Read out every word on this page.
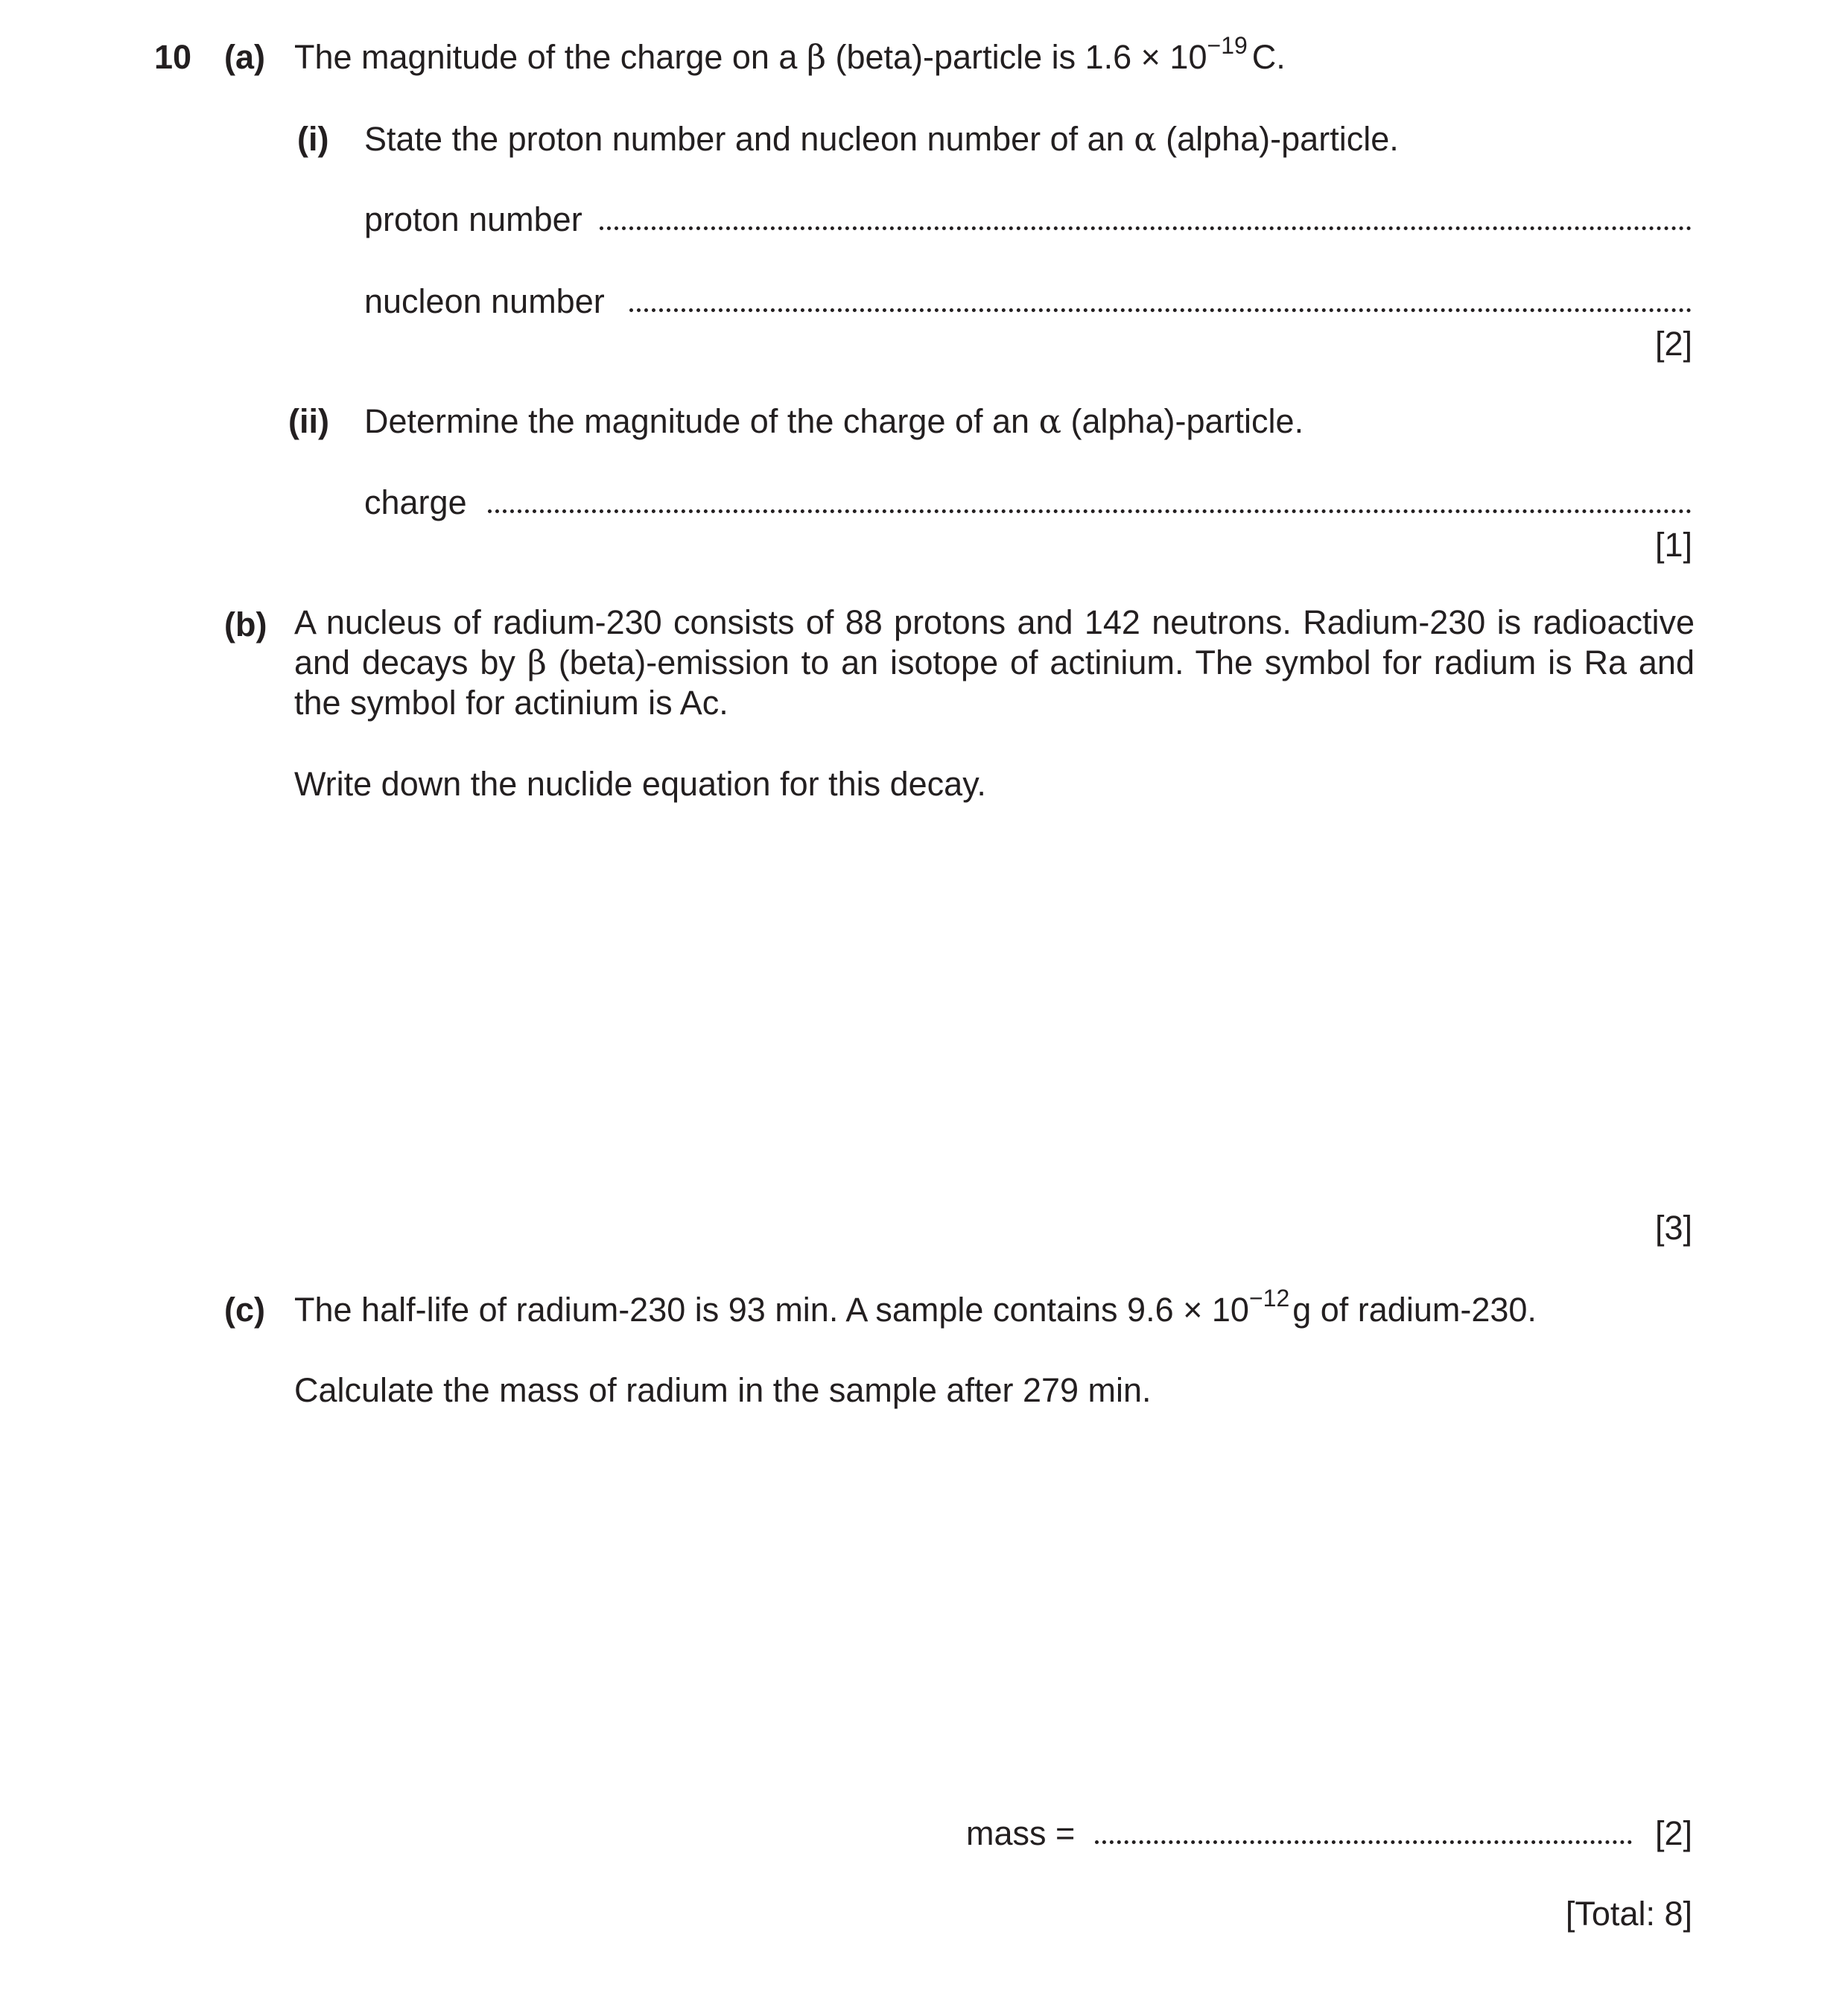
10 (a) The magnitude of the charge on a β (beta)-particle is $1.6 \times 10^{-19}$ C.
(i) State the proton number and nucleon number of an α (alpha)-particle.
proton number
nucleon number
[2]
(ii) Determine the magnitude of the charge of an α (alpha)-particle.
charge
[1]
(b) A nucleus of radium-230 consists of 88 protons and 142 neutrons. Radium-230 is radioactive
and decays by β (beta)-emission to an isotope of actinium. The symbol for radium is Ra and
the symbol for actinium is Ac.
Write down the nuclide equation for this decay.
[3]
(c) The half-life of radium-230 is 93 min. A sample contains $9.6 \times 10^{-12}g$ of radium-230.
Calculate the mass of radium in the sample after 279 min.
mass =	[2]
[Total: 8]
